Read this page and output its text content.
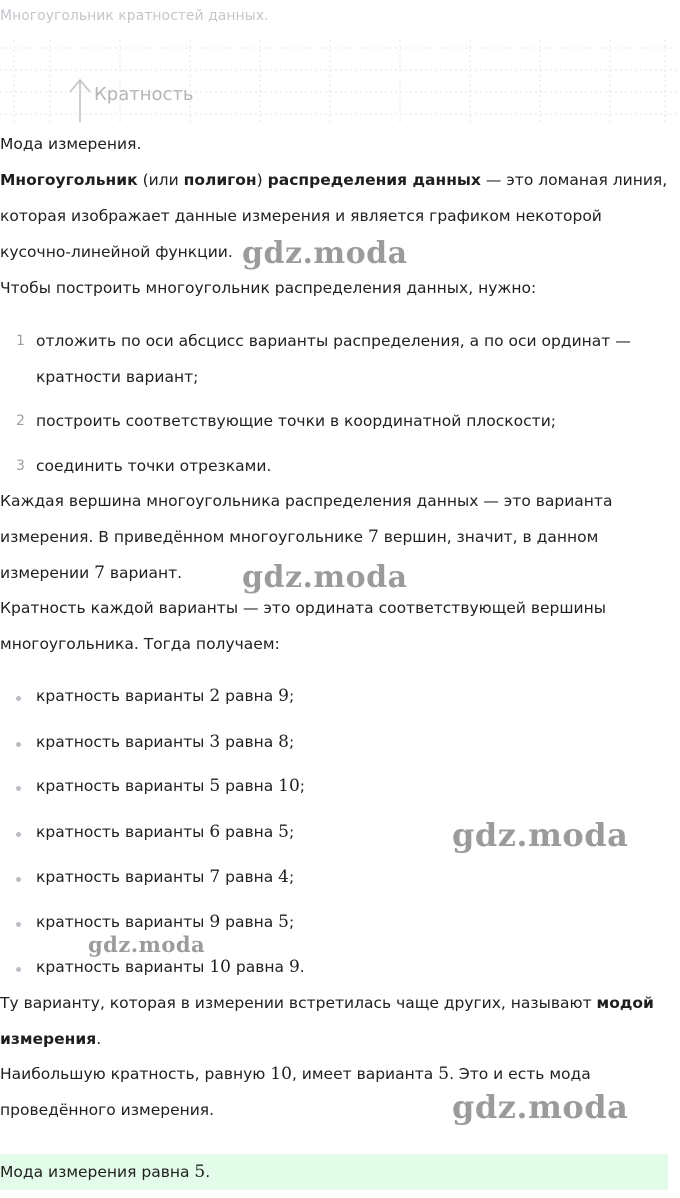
Многоугольник кратностей данных.
Кратность
Мода измерения.
Многоугольник (или полигон) распределения данных — это ломаная линия,
которая изображает данные измерения и является графиком некоторой
кусочно-линейной функции.
Чтобы построить многоугольник распределения данных, нужно:
1 отложить по оси абсцисс варианты распределения, а по оси ординат —
кратности вариант;
2 построить соответствующие точки в координатной плоскости;
3 соединить точки отрезками.
Каждая вершина многоугольника распределения данных — это варианта
измерения. В приведённом многоугольнике 7 вершин, значит, в данном
измерении 7 вариант.
Кратность каждой варианты — это ордината соответствующей вершины
многоугольника. Тогда получаем:
кратность варианты 2 равна 9;
кратность варианты 3 равна 8;
кратность варианты 5 равна 10;
кратность варианты 6 равна 5;
кратность варианты 7 равна 4;
кратность варианты 9 равна 5;
кратность варианты 10 равна 9.
Ту варианту, которая в измерении встретилась чаще других, называют модой
измерения.
Наибольшую кратность, равную 10, имеет варианта 5. Это и есть мода
проведённого измерения.
Мода измерения равна 5.
gdz.moda
gdz.moda
gdz.moda
gdz.moda
gdz.moda
